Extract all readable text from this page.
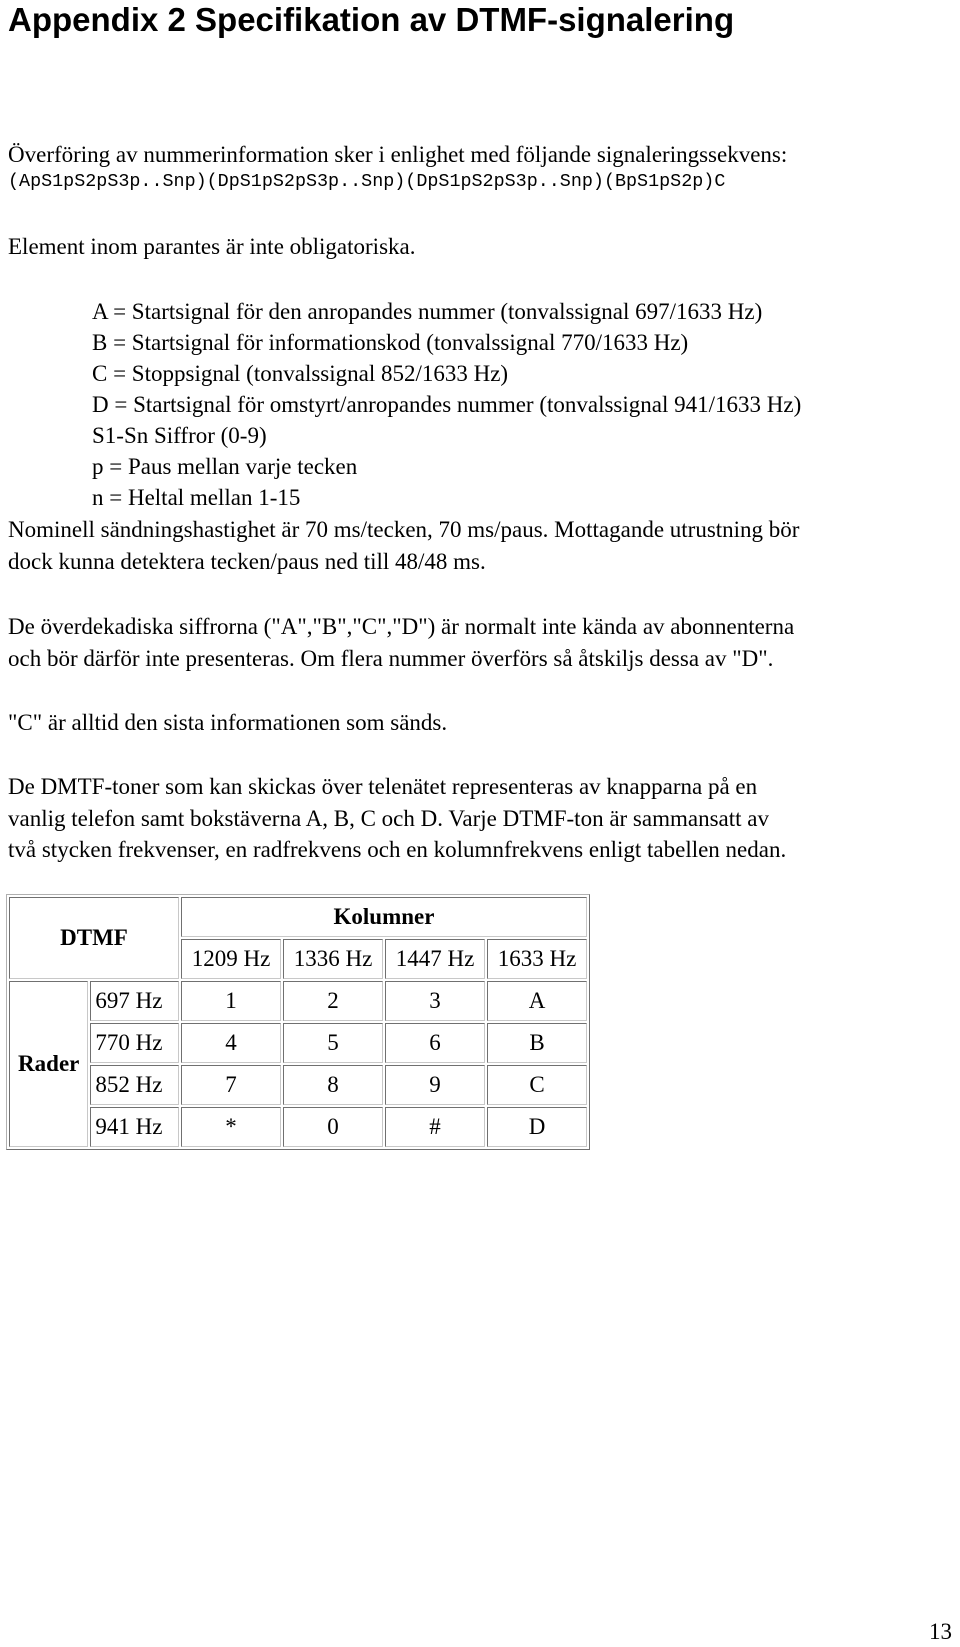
Appendix 2 Specifikation av DTMF-signalering
Överföring av nummerinformation sker i enlighet med följande signaleringssekvens:
(ApS1pS2pS3p..Snp)(DpS1pS2pS3p..Snp)(DpS1pS2pS3p..Snp)(BpS1pS2p)C
Element inom parantes är inte obligatoriska.
A = Startsignal för den anropandes nummer (tonvalssignal 697/1633 Hz)
B = Startsignal för informationskod (tonvalssignal 770/1633 Hz)
C = Stoppsignal (tonvalssignal 852/1633 Hz)
D = Startsignal för omstyrt/anropandes nummer (tonvalssignal 941/1633 Hz)
S1-Sn Siffror (0-9)
p = Paus mellan varje tecken
n = Heltal mellan 1-15

Nominell sändningshastighet är 70 ms/tecken, 70 ms/paus. Mottagande utrustning bör
dock kunna detektera tecken/paus ned till 48/48 ms.

De överdekadiska siffrorna ("A","B","C","D") är normalt inte kända av abonnenterna
och bör därför inte presenteras. Om flera nummer överförs så åtskiljs dessa av "D".

"C" är alltid den sista informationen som sänds.

De DMTF-toner som kan skickas över telenätet representeras av knapparna på en
vanlig telefon samt bokstäverna A, B, C och D. Varje DTMF-ton är sammansatt av
två stycken frekvenser, en radfrekvens och en kolumnfrekvens enligt tabellen nedan.

DTMF		Kolumner			
		1209 Hz	1336 Hz	1447 Hz	1633 Hz
Rader	697 Hz	1	2	3	A
	770 Hz	4	5	6	B
	852 Hz	7	8	9	C
	941 Hz	*	0	#	D
13
